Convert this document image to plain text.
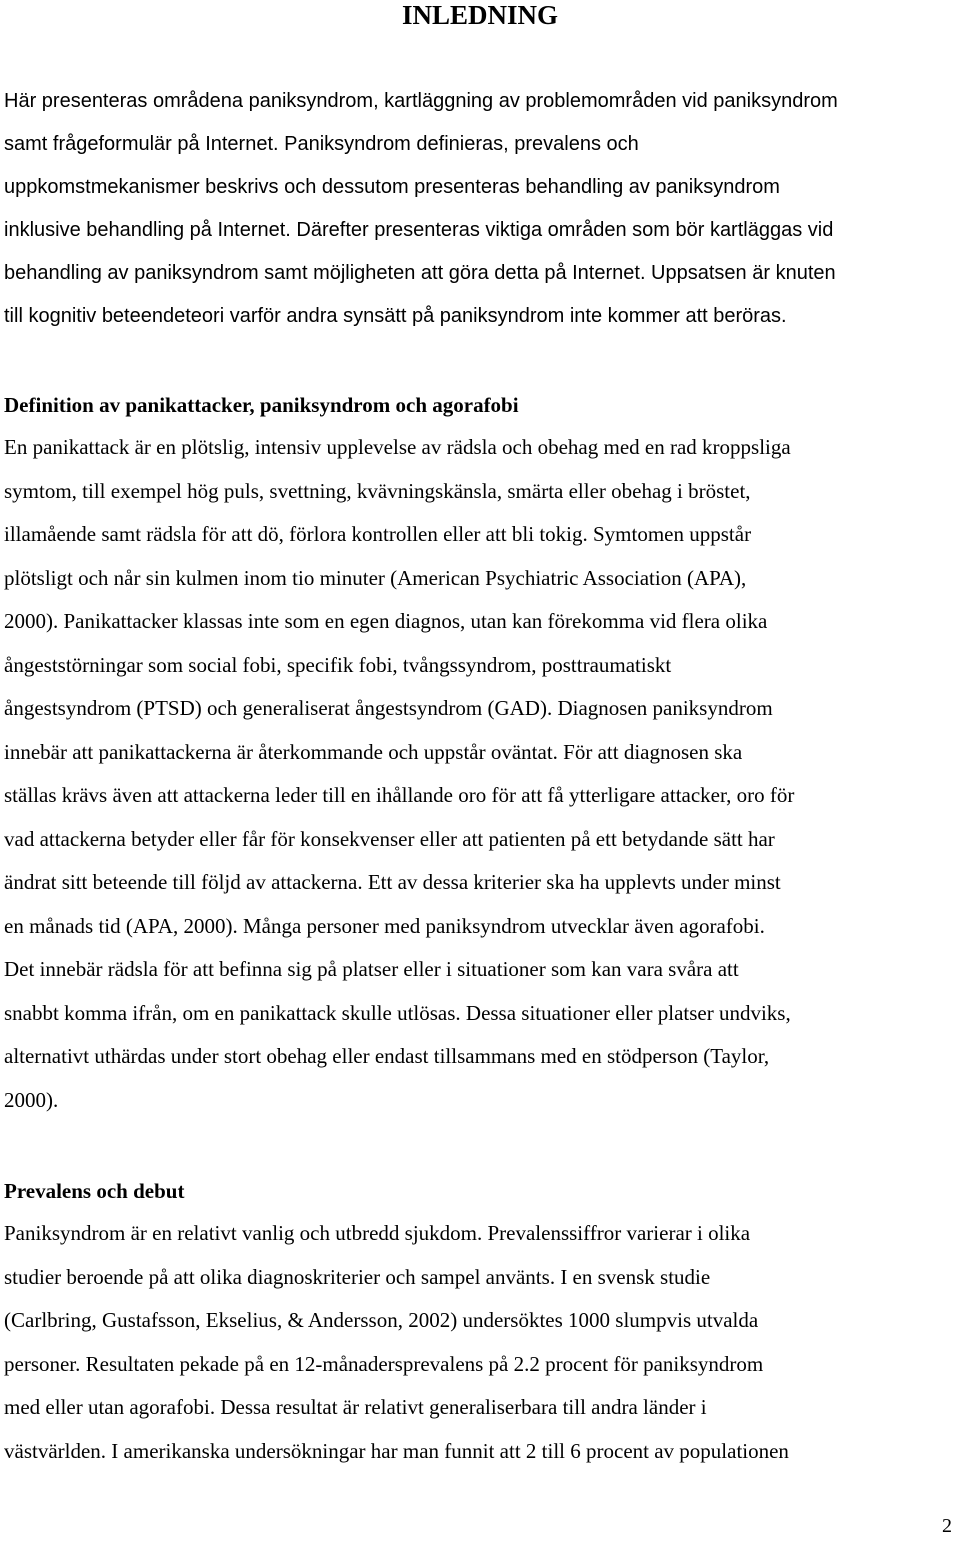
INLEDNING

Här presenteras områdena paniksyndrom, kartläggning av problemområden vid paniksyndrom
samt frågeformulär på Internet. Paniksyndrom definieras, prevalens och
uppkomstmekanismer beskrivs och dessutom presenteras behandling av paniksyndrom
inklusive behandling på Internet. Därefter presenteras viktiga områden som bör kartläggas vid
behandling av paniksyndrom samt möjligheten att göra detta på Internet. Uppsatsen är knuten
till kognitiv beteendeteori varför andra synsätt på paniksyndrom inte kommer att beröras.

Definition av panikattacker, paniksyndrom och agorafobi

En panikattack är en plötslig, intensiv upplevelse av rädsla och obehag med en rad kroppsliga
symtom, till exempel hög puls, svettning, kvävningskänsla, smärta eller obehag i bröstet,
illamående samt rädsla för att dö, förlora kontrollen eller att bli tokig. Symtomen uppstår
plötsligt och når sin kulmen inom tio minuter (American Psychiatric Association (APA),
2000). Panikattacker klassas inte som en egen diagnos, utan kan förekomma vid flera olika
ångeststörningar som social fobi, specifik fobi, tvångssyndrom, posttraumatiskt
ångestsyndrom (PTSD) och generaliserat ångestsyndrom (GAD). Diagnosen paniksyndrom
innebär att panikattackerna är återkommande och uppstår oväntat. För att diagnosen ska
ställas krävs även att attackerna leder till en ihållande oro för att få ytterligare attacker, oro för
vad attackerna betyder eller får för konsekvenser eller att patienten på ett betydande sätt har
ändrat sitt beteende till följd av attackerna. Ett av dessa kriterier ska ha upplevts under minst
en månads tid (APA, 2000). Många personer med paniksyndrom utvecklar även agorafobi.
Det innebär rädsla för att befinna sig på platser eller i situationer som kan vara svåra att
snabbt komma ifrån, om en panikattack skulle utlösas. Dessa situationer eller platser undviks,
alternativt uthärdas under stort obehag eller endast tillsammans med en stödperson (Taylor,
2000).

Prevalens och debut

Paniksyndrom är en relativt vanlig och utbredd sjukdom. Prevalenssiffror varierar i olika
studier beroende på att olika diagnoskriterier och sampel använts. I en svensk studie
(Carlbring, Gustafsson, Ekselius, & Andersson, 2002) undersöktes 1000 slumpvis utvalda
personer. Resultaten pekade på en 12-månadersprevalens på 2.2 procent för paniksyndrom
med eller utan agorafobi. Dessa resultat är relativt generaliserbara till andra länder i
västvärlden. I amerikanska undersökningar har man funnit att 2 till 6 procent av populationen

2
